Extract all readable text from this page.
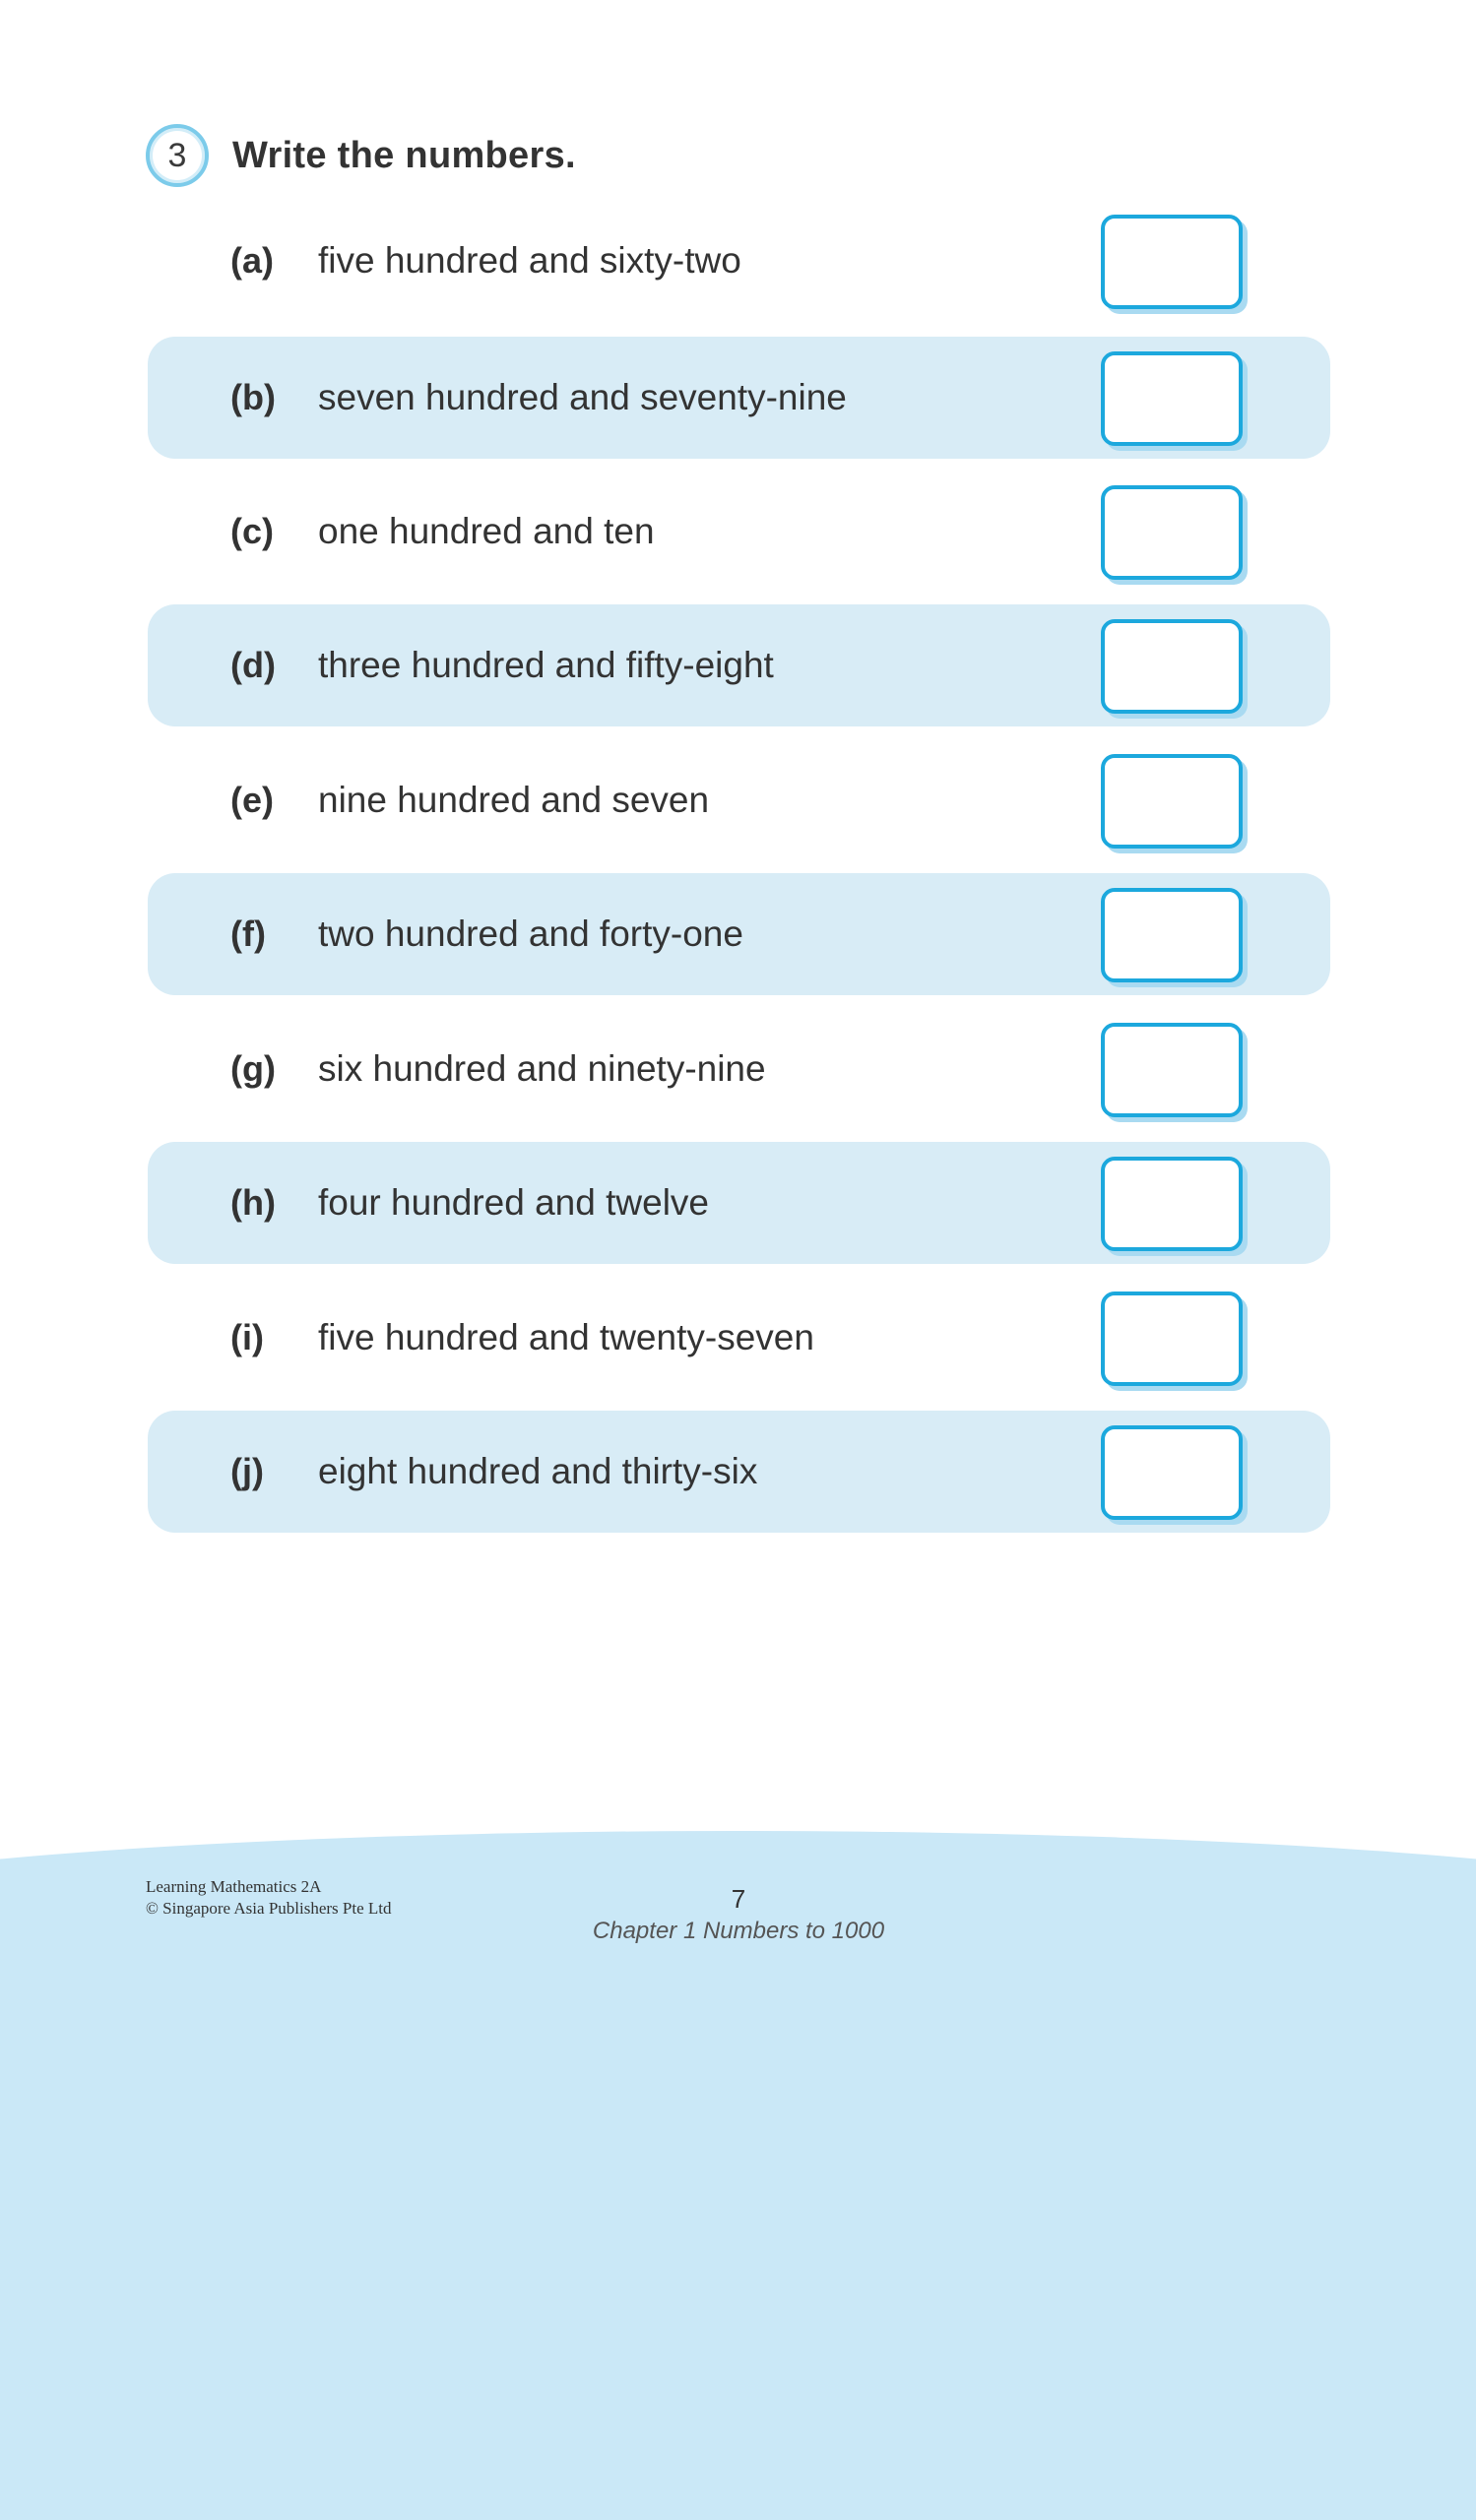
3	Write the numbers.
(a) five hundred and sixty-two
(b) seven hundred and seventy-nine
(c) one hundred and ten
(d) three hundred and fifty-eight
(e) nine hundred and seven
(f) two hundred and forty-one
(g) six hundred and ninety-nine
(h) four hundred and twelve
(i) five hundred and twenty-seven
(j) eight hundred and thirty-six
Learning Mathematics 2A
© Singapore Asia Publishers Pte Ltd	7
Chapter 1 Numbers to 1000
